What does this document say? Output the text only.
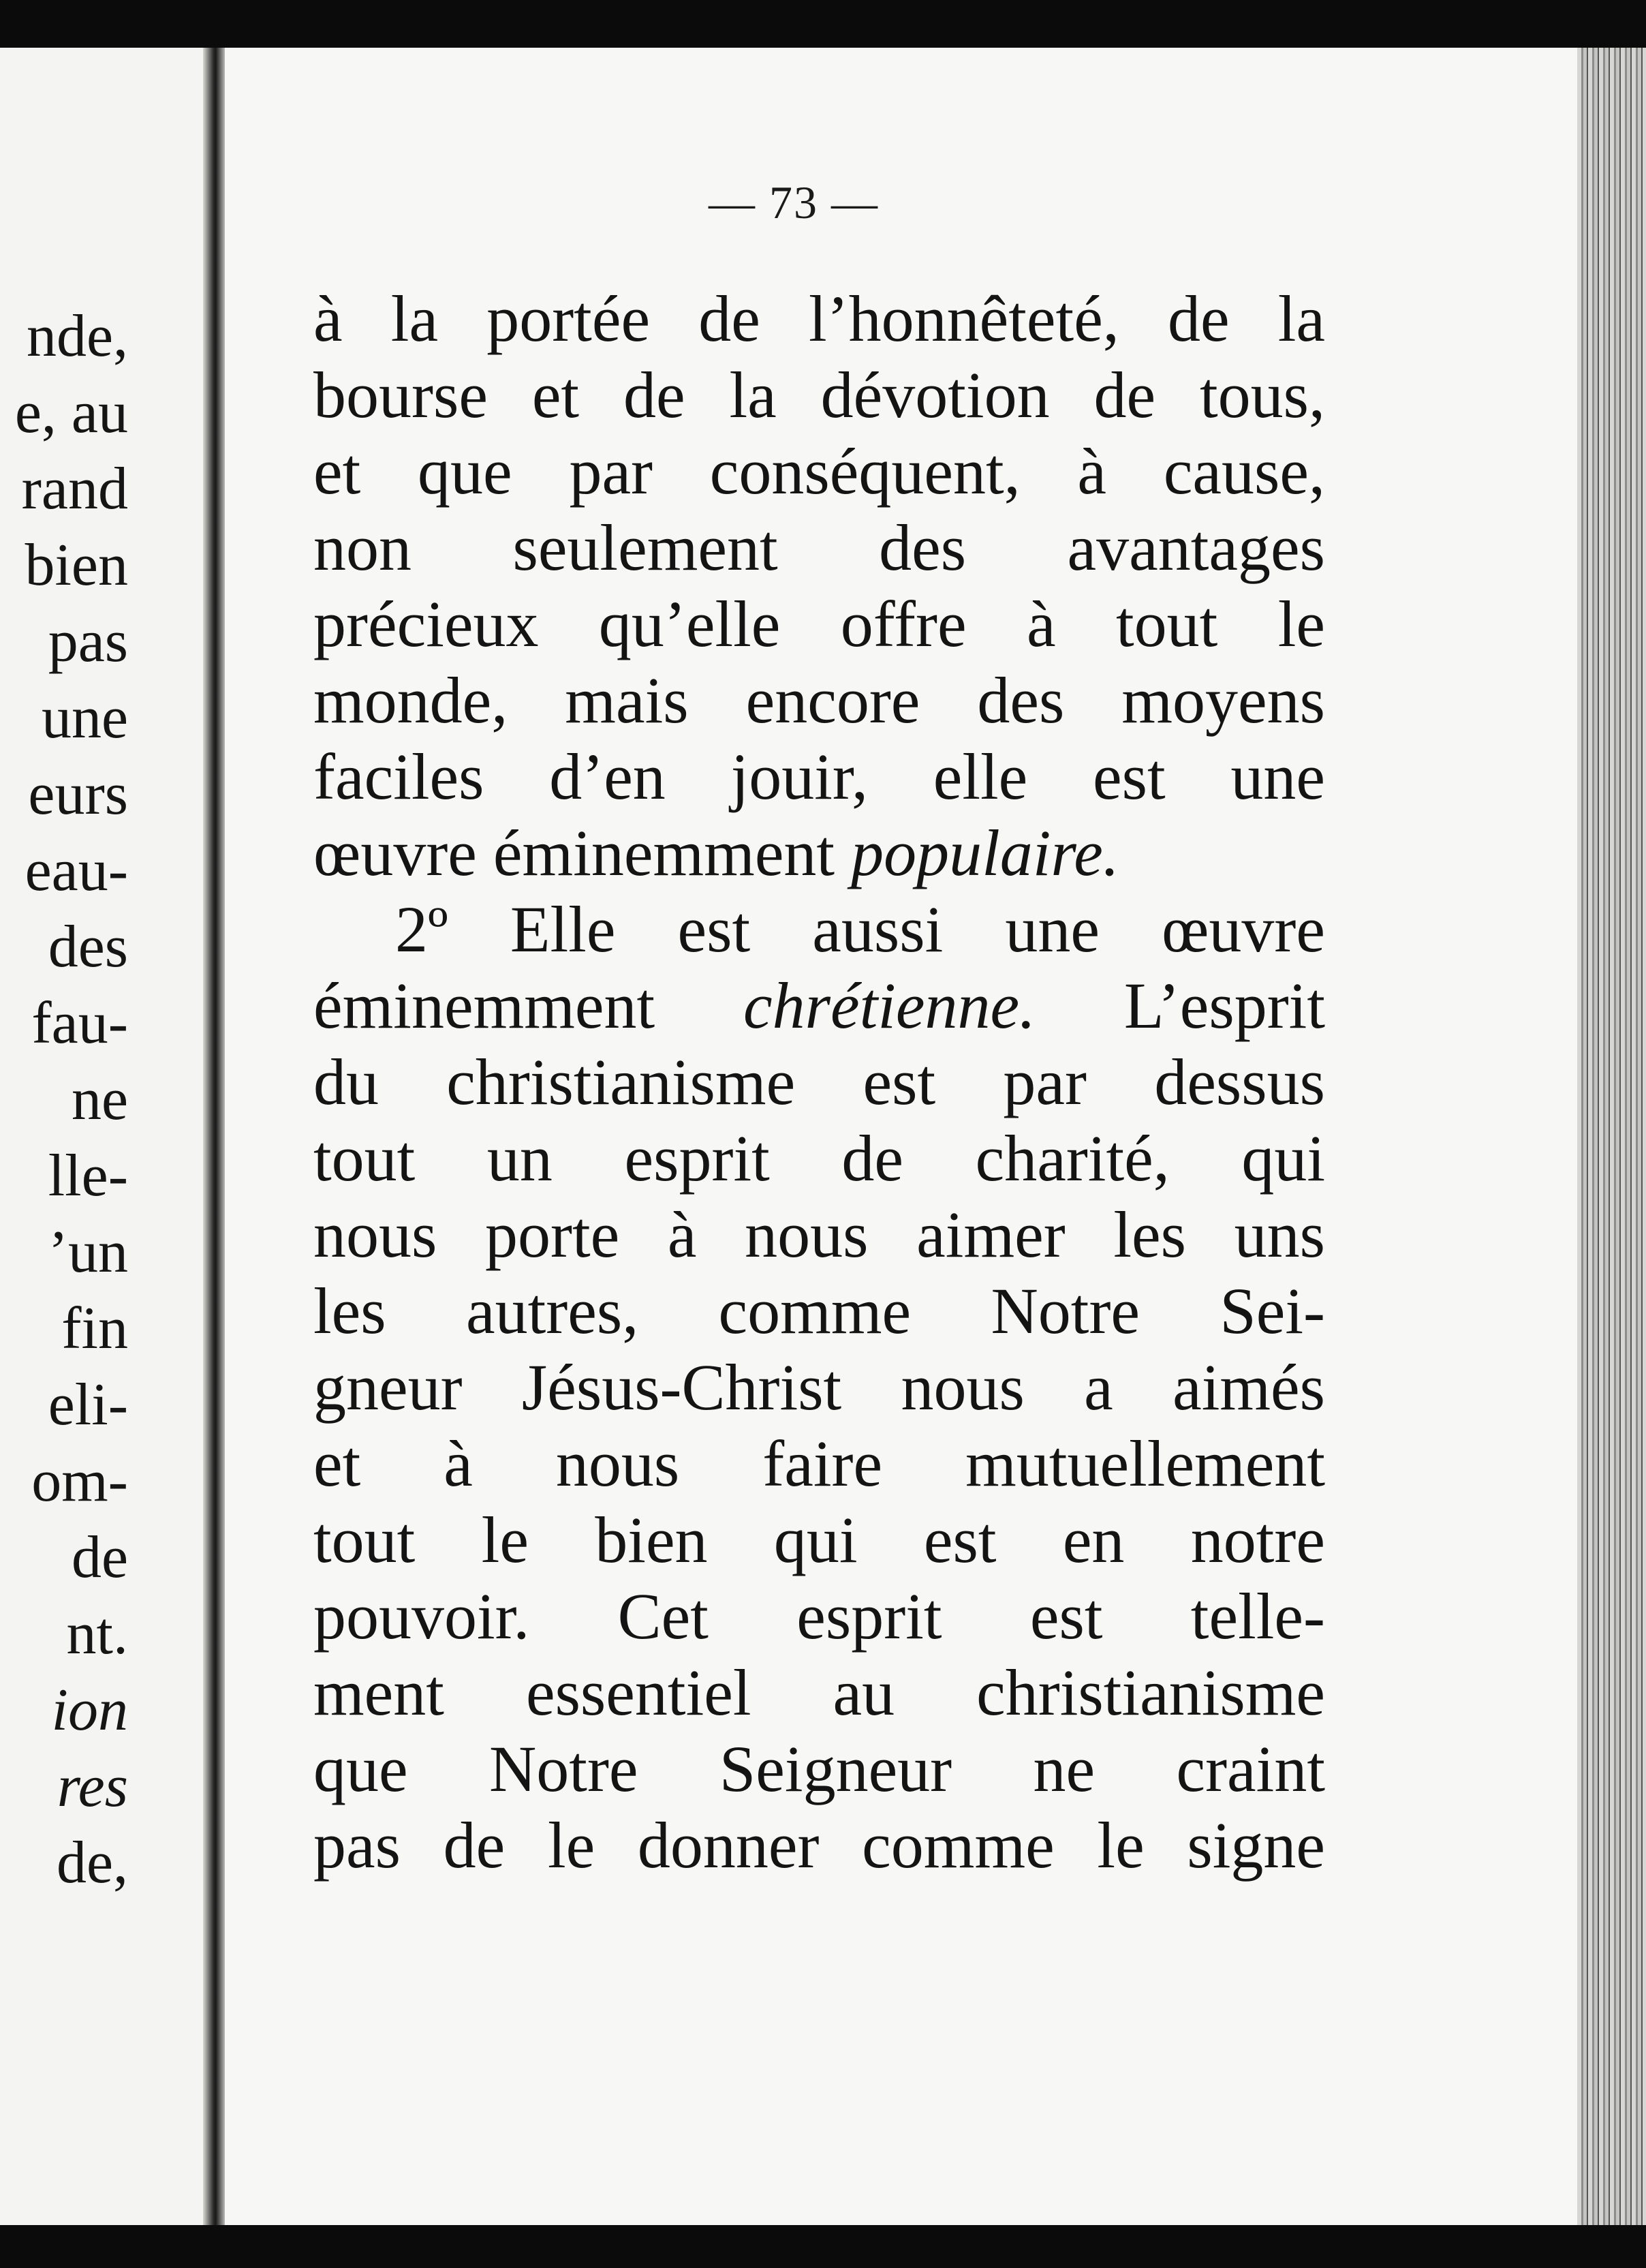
nde,
e, au
rand
bien
pas
une
eurs
eau-
des
fau-
ne
lle-
’un
fin
eli-
om-
de
nt.
ion
res
de,
— 73 —
à la portée de l’honnêteté, de la
bourse et de la dévotion de tous,
et que par conséquent, à cause,
non seulement des avantages
précieux qu’elle offre à tout le
monde, mais encore des moyens
faciles d’en jouir, elle est une
œuvre éminemment populaire.
2º Elle est aussi une œuvre
éminemment chrétienne. L’esprit
du christianisme est par dessus
tout un esprit de charité, qui
nous porte à nous aimer les uns
les autres, comme Notre Sei-
gneur Jésus-Christ nous a aimés
et à nous faire mutuellement
tout le bien qui est en notre
pouvoir. Cet esprit est telle-
ment essentiel au christianisme
que Notre Seigneur ne craint
pas de le donner comme le signe
